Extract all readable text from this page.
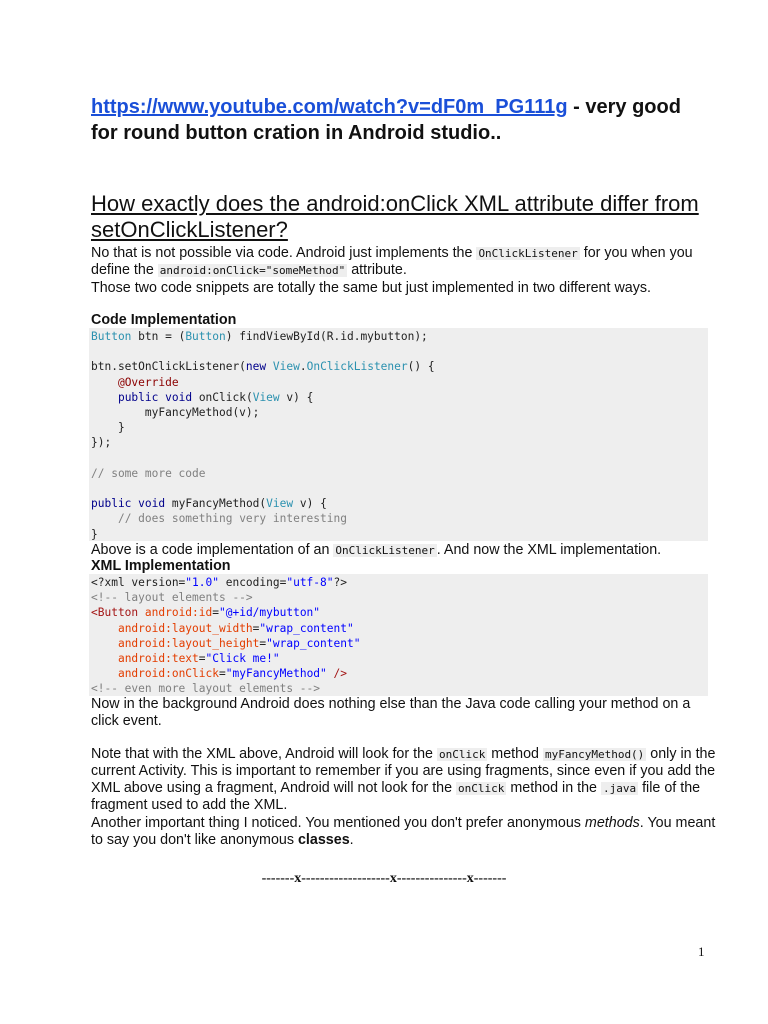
https://www.youtube.com/watch?v=dF0m_PG111g - very good for round button cration in Android studio..
How exactly does the android:onClick XML attribute differ from setOnClickListener?
No that is not possible via code. Android just implements the OnClickListener for you when you define the android:onClick="someMethod" attribute.
Those two code snippets are totally the same but just implemented in two different ways.
Code Implementation
Button btn = (Button) findViewById(R.id.mybutton);

btn.setOnClickListener(new View.OnClickListener() {
@Override
public void onClick(View v) {
myFancyMethod(v);
}
});

// some more code

public void myFancyMethod(View v) {
// does something very interesting
}
Above is a code implementation of an OnClickListener . And now the XML implementation.
XML Implementation
<?xml version="1.0" encoding="utf-8"?>
<!-- layout elements -->
<Button android:id="@+id/mybutton"
android:layout_width="wrap_content"
android:layout_height="wrap_content"
android:text="Click me!"
android:onClick="myFancyMethod" />
<!-- even more layout elements -->
Now in the background Android does nothing else than the Java code calling your method on a click event.
Note that with the XML above, Android will look for the onClick method myFancyMethod() only in the current Activity. This is important to remember if you are using fragments, since even if you add the XML above using a fragment, Android will not look for the onClick method in the .java file of the fragment used to add the XML.
Another important thing I noticed. You mentioned you don't prefer anonymous methods. You meant to say you don't like anonymous classes.
-------x-------------------x---------------x-------
1
